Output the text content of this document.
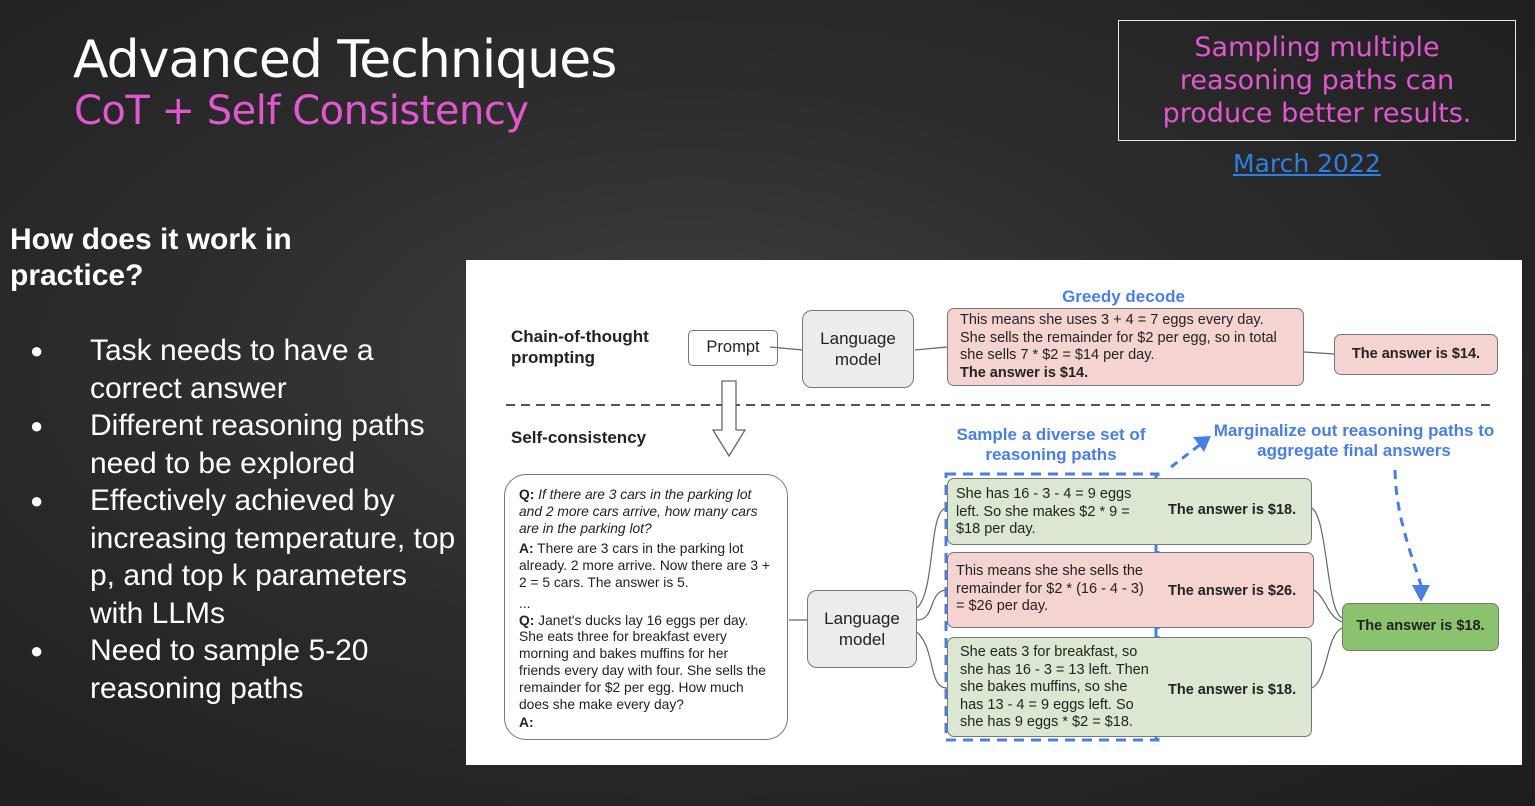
Advanced Techniques
CoT + Self Consistency
Sampling multiple reasoning paths can produce better results.
March 2022
How does it work in practice?
● Task needs to have a correct answer
● Different reasoning paths need to be explored
● Effectively achieved by increasing temperature, top p, and top k parameters with LLMs
● Need to sample 5-20 reasoning paths
Chain-of-thought prompting
Prompt	Language model
Greedy decode
This means she uses 3 + 4 = 7 eggs every day. She sells the remainder for $2 per egg, so in total she sells 7 * $2 = $14 per day.
The answer is $14.
The answer is $14.
Self-consistency	Sample a diverse set of reasoning paths
Marginalize out reasoning paths to aggregate final answers

Q: If there are 3 cars in the parking lot and 2 more cars arrive, how many cars are in the parking lot?

A: There are 3 cars in the parking lot already. 2 more arrive. Now there are 3 + 2 = 5 cars. The answer is 5.

...

Q: Janet's ducks lay 16 eggs per day. She eats three for breakfast every morning and bakes muffins for her friends every day with four. She sells the remainder for $2 per egg. How much does she make every day?

A:

Language model
She has 16 - 3 - 4 = 9 eggs left. So she makes $2 * 9 = $18 per day.
The answer is $18.
This means she she sells the remainder for $2 * (16 - 4 - 3) = $26 per day.
The answer is $26.
She eats 3 for breakfast, so she has 16 - 3 = 13 left. Then she bakes muffins, so she has 13 - 4 = 9 eggs left. So she has 9 eggs * $2 = $18.
The answer is $18.
The answer is $18.
